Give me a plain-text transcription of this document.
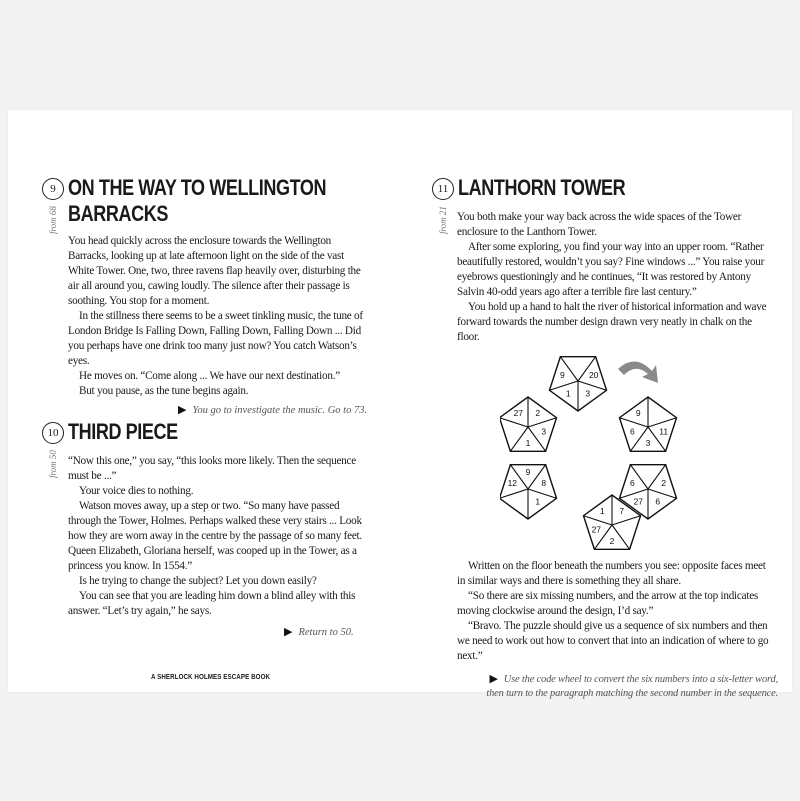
9
from 68
ON THE WAY TO WELLINGTON
BARRACKS

You head quickly across the enclosure towards the Wellington Barracks, looking up at late afternoon light on the side of the vast White Tower. One, two, three ravens flap heavily over, disturbing the air all around you, cawing loudly. The silence after their passage is soothing. You stop for a moment.

In the stillness there seems to be a sweet tinkling music, the tune of London Bridge Is Falling Down, Falling Down, Falling Down ... Did you perhaps have one drink too many just now? You catch Watson’s eyes.

He moves on. “Come along ... We have our next destination.”

But you pause, as the tune begins again.

▶ You go to investigate the music. Go to 73.
10
from 50
THIRD PIECE

“Now this one,” you say, “this looks more likely. Then the sequence must be ...”

Your voice dies to nothing.

Watson moves away, up a step or two. “So many have passed through the Tower, Holmes. Perhaps walked these very stairs ... Look how they are worn away in the centre by the passage of so many feet. Queen Elizabeth, Gloriana herself, was cooped up in the Tower, as a princess you know. In 1554.”

Is he trying to change the subject? Let you down easily?

You can see that you are leading him down a blind alley with this answer. “Let’s try again,” he says.

▶ Return to 50.
A SHERLOCK HOLMES ESCAPE BOOK
11
from 21
LANTHORN TOWER

You both make your way back across the wide spaces of the Tower enclosure to the Lanthorn Tower.

After some exploring, you find your way into an upper room. “Rather beautifully restored, wouldn’t you say? Fine windows ...” You raise your eyebrows questioningly and he continues, “It was restored by Antony Salvin 40-odd years ago after a terrible fire last century.”

You hold up a hand to halt the river of historical information and wave forward towards the number design drawn very neatly in chalk on the floor.

20
3
1
9
9
11
3
6
2
6
27
6
1 7
2
27
9
8
1
12
27 2
3
1

Written on the floor beneath the numbers you see: opposite faces meet in similar ways and there is something they all share.

“So there are six missing numbers, and the arrow at the top indicates moving clockwise around the design, I’d say.”

“Bravo. The puzzle should give us a sequence of six numbers and then we need to work out how to convert that into an indication of where to go next.”

▶ Use the code wheel to convert the six numbers into a six-letter word,
then turn to the paragraph matching the second number in the sequence.
